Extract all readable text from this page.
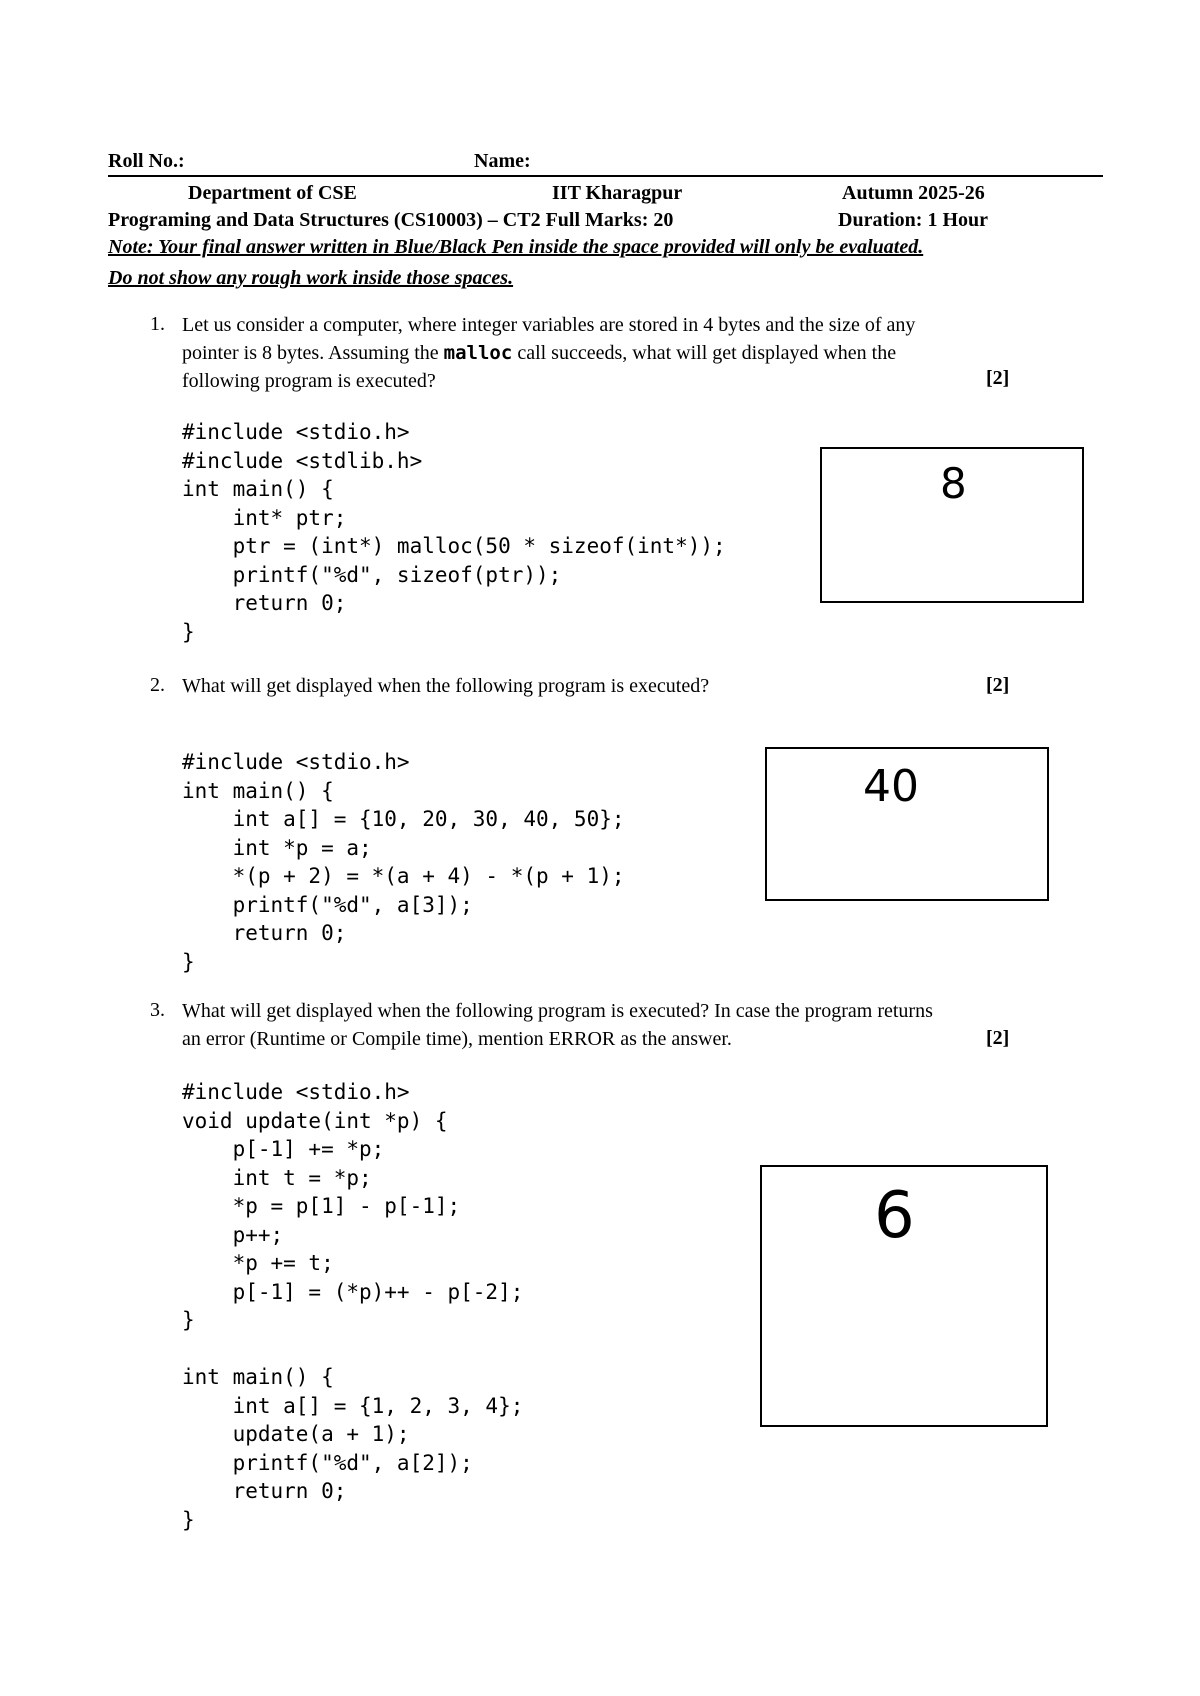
Roll No.:	Name:
Department of CSE	IIT Kharagpur	Autumn 2025-26
Programing and Data Structures (CS10003) – CT2 Full Marks: 20	Duration: 1 Hour
Note: Your final answer written in Blue/Black Pen inside the space provided will only be evaluated.
Do not show any rough work inside those spaces.
1. Let us consider a computer, where integer variables are stored in 4 bytes and the size of any
pointer is 8 bytes. Assuming the malloc call succeeds, what will get displayed when the
following program is executed?	[2]
#include <stdio.h>
#include <stdlib.h>
int main() {
int* ptr;
ptr = (int*) malloc(50 * sizeof(int*));
printf("%d", sizeof(ptr));
return 0;
}
8
2. What will get displayed when the following program is executed?	[2]
#include <stdio.h>
int main() {
int a[] = {10, 20, 30, 40, 50};
int *p = a;
*(p + 2) = *(a + 4) - *(p + 1);
printf("%d", a[3]);
return 0;
}
40
3. What will get displayed when the following program is executed? In case the program returns
an error (Runtime or Compile time), mention ERROR as the answer.	[2]
#include <stdio.h>
void update(int *p) {
p[-1] += *p;
int t = *p;
*p = p[1] - p[-1];
p++;
*p += t;
p[-1] = (*p)++ - p[-2];
}

int main() {
int a[] = {1, 2, 3, 4};
update(a + 1);
printf("%d", a[2]);
return 0;
}
6
